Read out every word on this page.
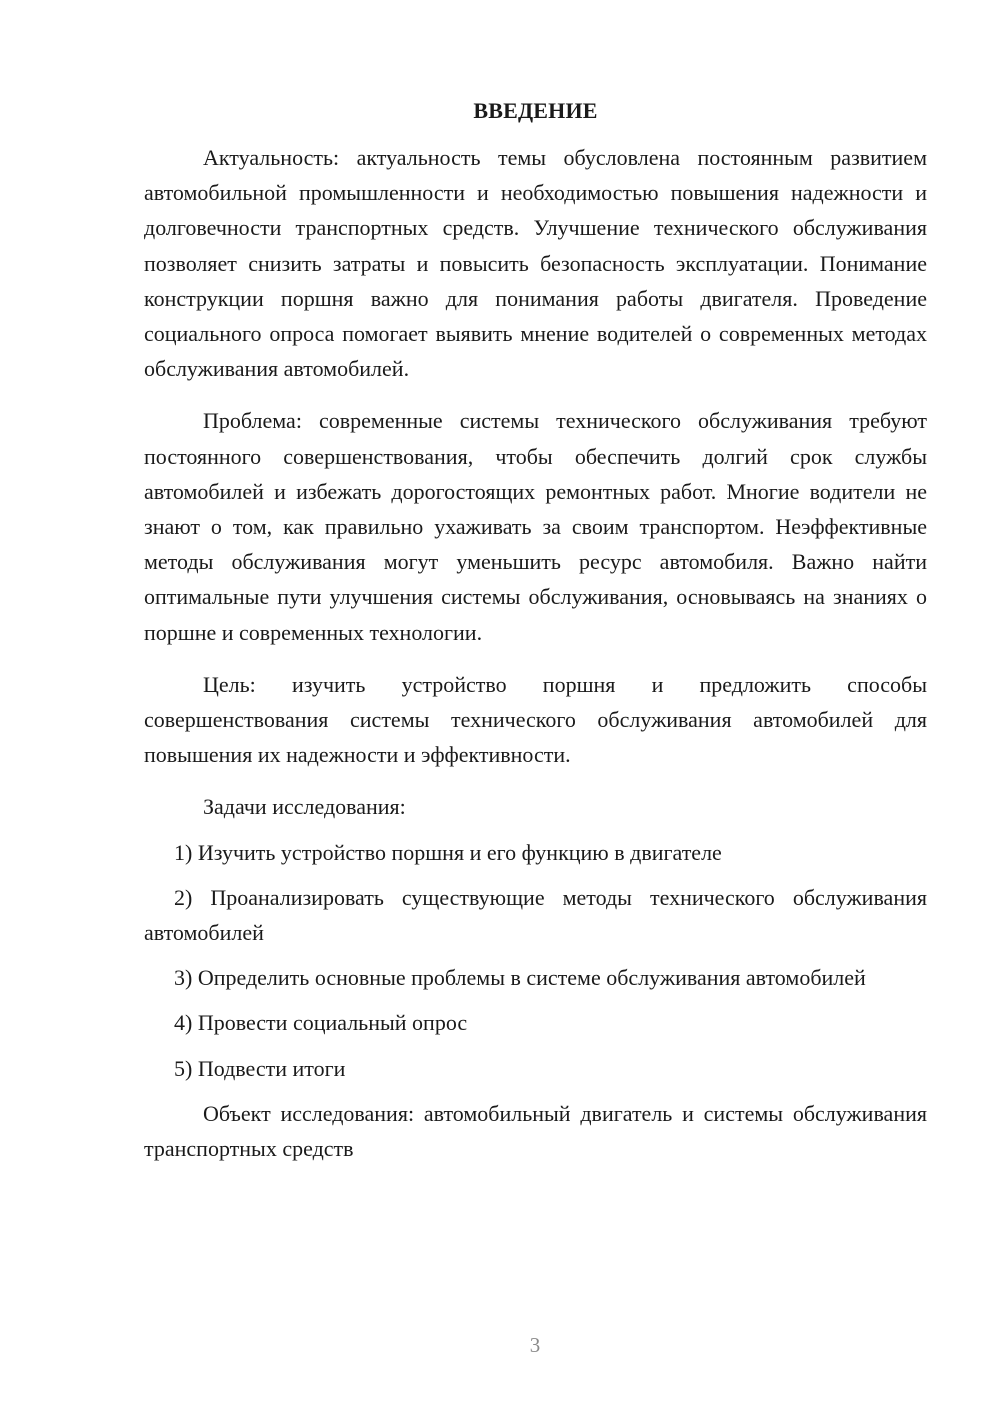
ВВЕДЕНИЕ

Актуальность: актуальность темы обусловлена постоянным развитием автомобильной промышленности и необходимостью повышения надежности и долговечности транспортных средств. Улучшение технического обслуживания позволяет снизить затраты и повысить безопасность эксплуатации. Понимание конструкции поршня важно для понимания работы двигателя. Проведение социального опроса помогает выявить мнение водителей о современных методах обслуживания автомобилей.

Проблема: современные системы технического обслуживания требуют постоянного совершенствования, чтобы обеспечить долгий срок службы автомобилей и избежать дорогостоящих ремонтных работ. Многие водители не знают о том, как правильно ухаживать за своим транспортом. Неэффективные методы обслуживания могут уменьшить ресурс автомобиля. Важно найти оптимальные пути улучшения системы обслуживания, основываясь на знаниях о поршне и современных технологии.

Цель: изучить устройство поршня и предложить способы совершенствования системы технического обслуживания автомобилей для повышения их надежности и эффективности.

Задачи исследования:

1) Изучить устройство поршня и его функцию в двигателе

2) Проанализировать существующие методы технического обслуживания автомобилей

3) Определить основные проблемы в системе обслуживания автомобилей

4) Провести социальный опрос

5) Подвести итоги

Объект исследования: автомобильный двигатель и системы обслуживания транспортных средств

3
